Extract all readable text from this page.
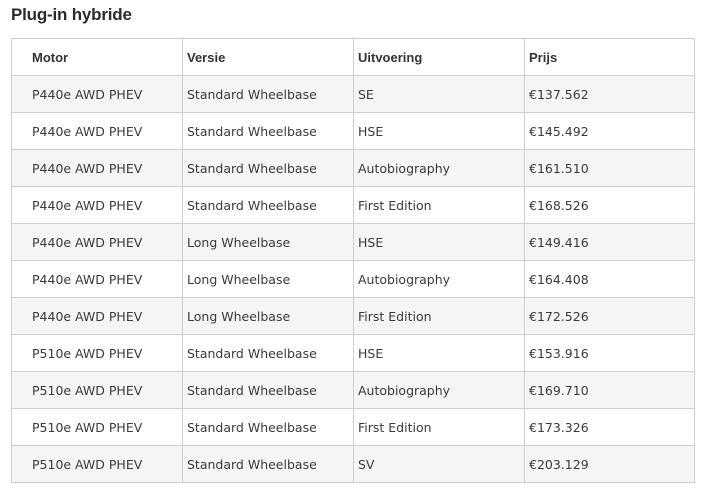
Plug-in hybride
Motor	Versie	Uitvoering	Prijs
P440e AWD PHEV	Standard Wheelbase	SE	€137.562
P440e AWD PHEV	Standard Wheelbase	HSE	€145.492
P440e AWD PHEV	Standard Wheelbase	Autobiography	€161.510
P440e AWD PHEV	Standard Wheelbase	First Edition	€168.526
P440e AWD PHEV	Long Wheelbase	HSE	€149.416
P440e AWD PHEV	Long Wheelbase	Autobiography	€164.408
P440e AWD PHEV	Long Wheelbase	First Edition	€172.526
P510e AWD PHEV	Standard Wheelbase	HSE	€153.916
P510e AWD PHEV	Standard Wheelbase	Autobiography	€169.710
P510e AWD PHEV	Standard Wheelbase	First Edition	€173.326
P510e AWD PHEV	Standard Wheelbase	SV	€203.129
